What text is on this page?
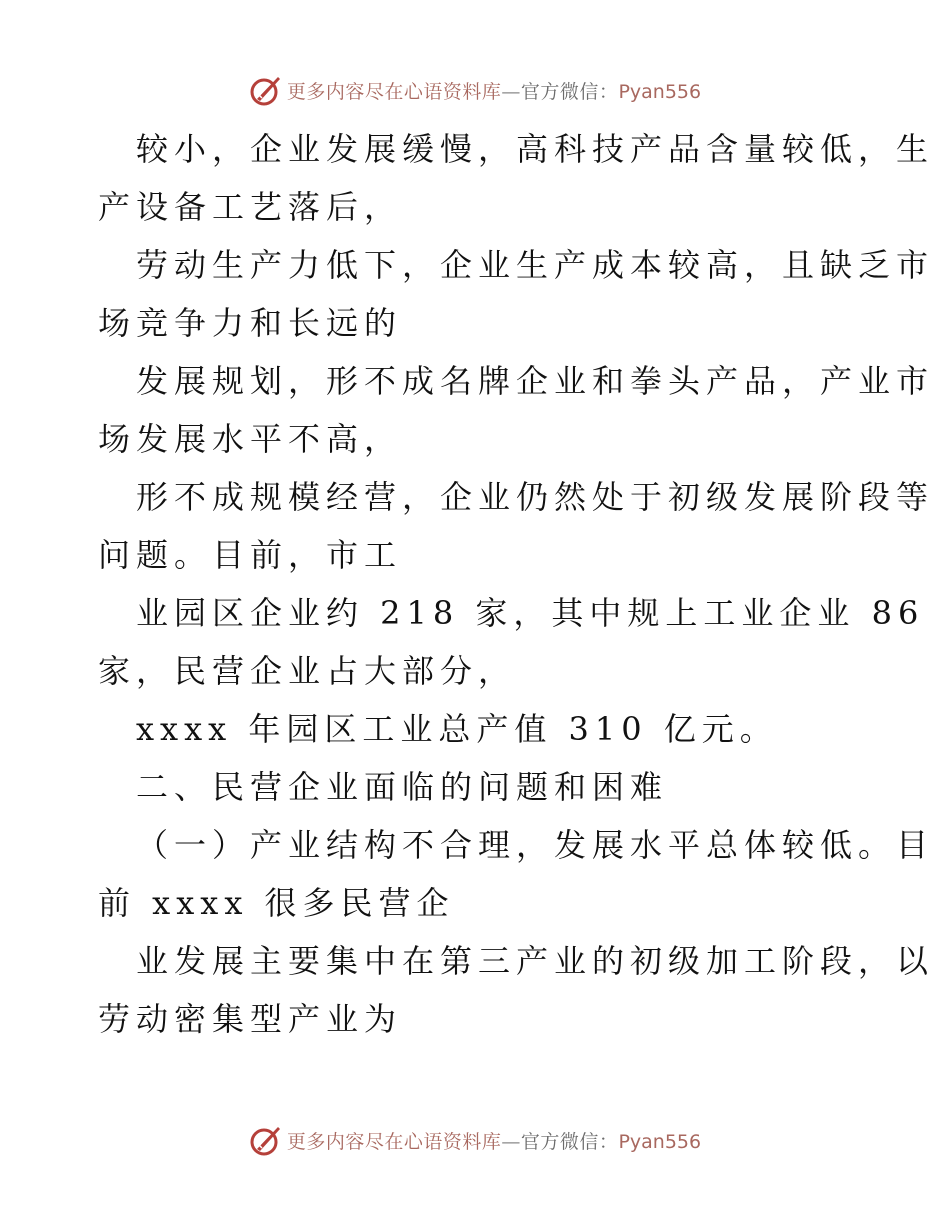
更多内容尽在心语资料库—官方微信：Pyan556
较小，企业发展缓慢，高科技产品含量较低，生
产设备工艺落后，
劳动生产力低下，企业生产成本较高，且缺乏市
场竞争力和长远的
发展规划，形不成名牌企业和拳头产品，产业市
场发展水平不高，
形不成规模经营，企业仍然处于初级发展阶段等
问题。目前，市工
业园区企业约 218 家，其中规上工业企业 86
家，民营企业占大部分，
xxxx 年园区工业总产值 310 亿元。
二、民营企业面临的问题和困难
（一）产业结构不合理，发展水平总体较低。目
前 xxxx 很多民营企
业发展主要集中在第三产业的初级加工阶段，以
劳动密集型产业为
更多内容尽在心语资料库—官方微信：Pyan556
